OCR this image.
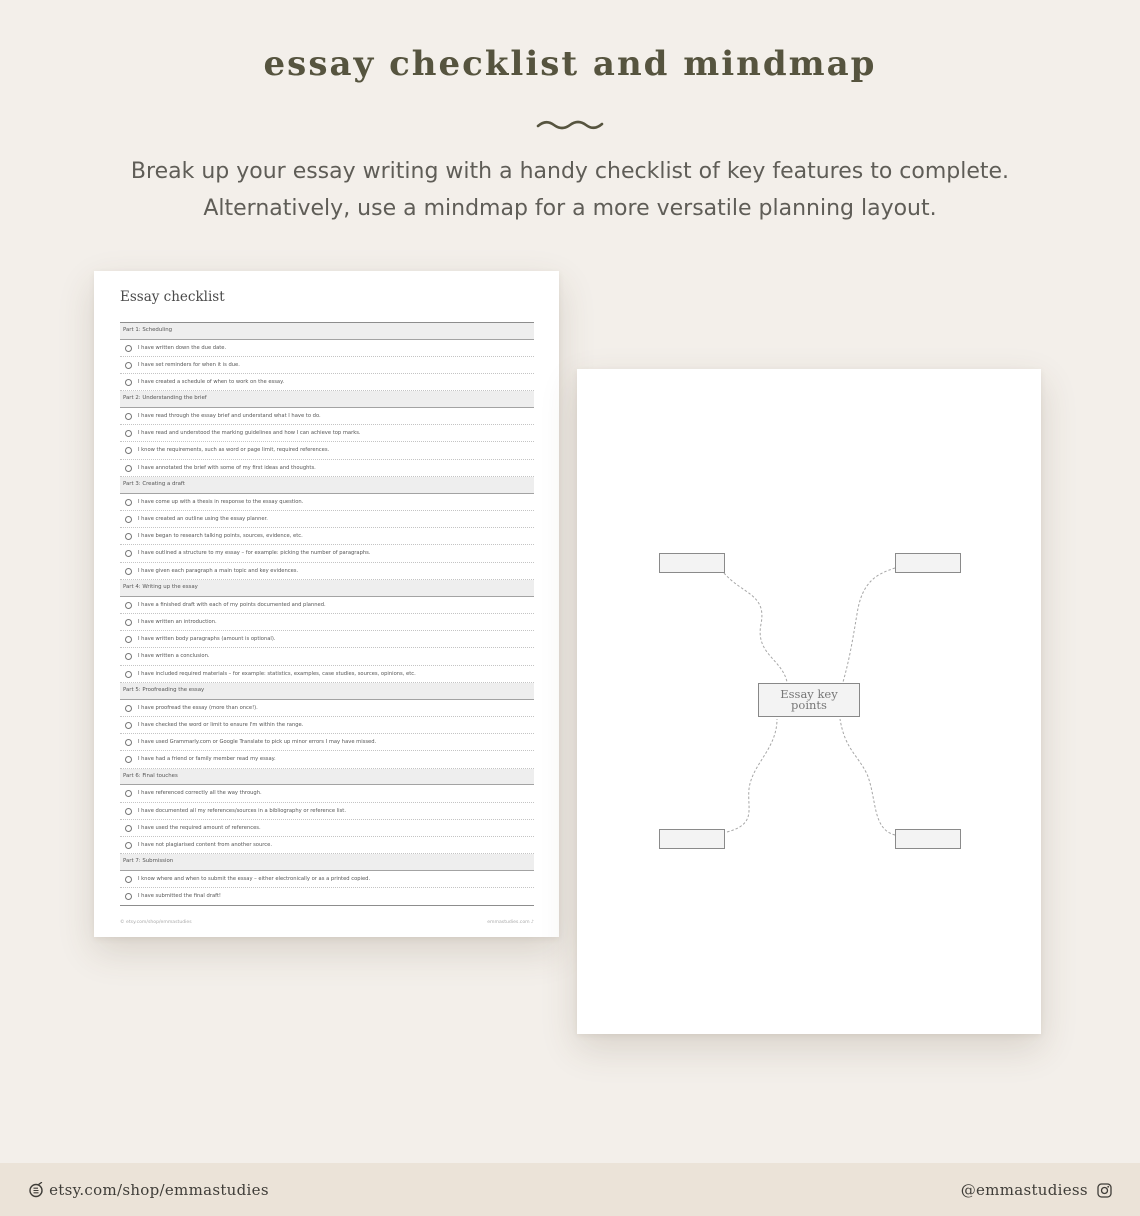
essay checklist and mindmap
Break up your essay writing with a handy checklist of key features to complete.
Alternatively, use a mindmap for a more versatile planning layout.
Essay checklist
Part 1: Scheduling
I have written down the due date.
I have set reminders for when it is due.
I have created a schedule of when to work on the essay.
Part 2: Understanding the brief
I have read through the essay brief and understand what I have to do.
I have read and understood the marking guidelines and how I can achieve top marks.
I know the requirements, such as word or page limit, required references.
I have annotated the brief with some of my first ideas and thoughts.
Part 3: Creating a draft
I have come up with a thesis in response to the essay question.
I have created an outline using the essay planner.
I have began to research talking points, sources, evidence, etc.
I have outlined a structure to my essay – for example: picking the number of paragraphs.
I have given each paragraph a main topic and key evidences.
Part 4: Writing up the essay
I have a finished draft with each of my points documented and planned.
I have written an introduction.
I have written body paragraphs (amount is optional).
I have written a conclusion.
I have included required materials – for example: statistics, examples, case studies, sources, opinions, etc.
Part 5: Proofreading the essay
I have proofread the essay (more than once!).
I have checked the word or limit to ensure I'm within the range.
I have used Grammarly.com or Google Translate to pick up minor errors I may have missed.
I have had a friend or family member read my essay.
Part 6: Final touches
I have referenced correctly all the way through.
I have documented all my references/sources in a bibliography or reference list.
I have used the required amount of references.
I have not plagiarised content from another source.
Part 7: Submission
I know where and when to submit the essay – either electronically or as a printed copied.
I have submitted the final draft!
© etsy.com/shop/emmastudies	emmastudies.com ♪
Essay key points
etsy.com/shop/emmastudies	@emmastudiess
